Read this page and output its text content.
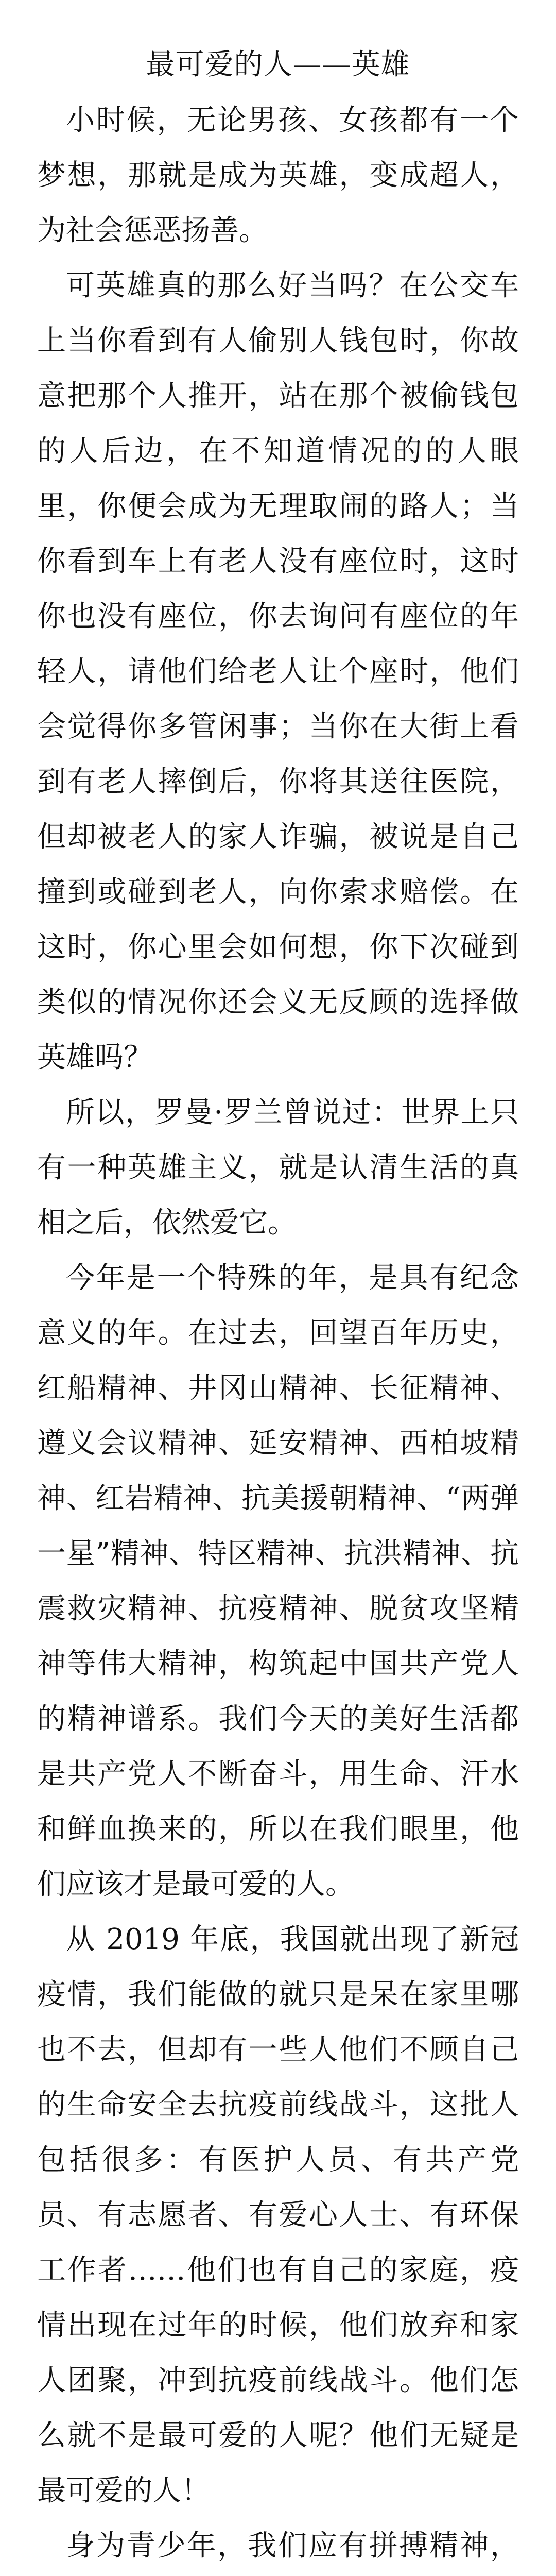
最可爱的人——英雄

小时候，无论男孩、女孩都有一个梦想，那就是成为英雄，变成超人，为社会惩恶扬善。

可英雄真的那么好当吗？在公交车上当你看到有人偷别人钱包时，你故意把那个人推开，站在那个被偷钱包的人后边，在不知道情况的的人眼里，你便会成为无理取闹的路人；当你看到车上有老人没有座位时，这时你也没有座位，你去询问有座位的年轻人，请他们给老人让个座时，他们会觉得你多管闲事；当你在大街上看到有老人摔倒后，你将其送往医院，但却被老人的家人诈骗，被说是自己撞到或碰到老人，向你索求赔偿。在这时，你心里会如何想，你下次碰到类似的情况你还会义无反顾的选择做英雄吗？

所以，罗曼·罗兰曾说过：世界上只有一种英雄主义，就是认清生活的真相之后，依然爱它。

今年是一个特殊的年，是具有纪念意义的年。在过去，回望百年历史，红船精神、井冈山精神、长征精神、遵义会议精神、延安精神、西柏坡精神、红岩精神、抗美援朝精神、“两弹一星”精神、特区精神、抗洪精神、抗震救灾精神、抗疫精神、脱贫攻坚精神等伟大精神，构筑起中国共产党人的精神谱系。我们今天的美好生活都是共产党人不断奋斗，用生命、汗水和鲜血换来的，所以在我们眼里，他们应该才是最可爱的人。

从 2019 年底，我国就出现了新冠疫情，我们能做的就只是呆在家里哪也不去，但却有一些人他们不顾自己的生命安全去抗疫前线战斗，这批人包括很多：有医护人员、有共产党员、有志愿者、有爱心人士、有环保工作者……他们也有自己的家庭，疫情出现在过年的时候，他们放弃和家人团聚，冲到抗疫前线战斗。他们怎么就不是最可爱的人呢？他们无疑是最可爱的人！

身为青少年，我们应有拼搏精神，
